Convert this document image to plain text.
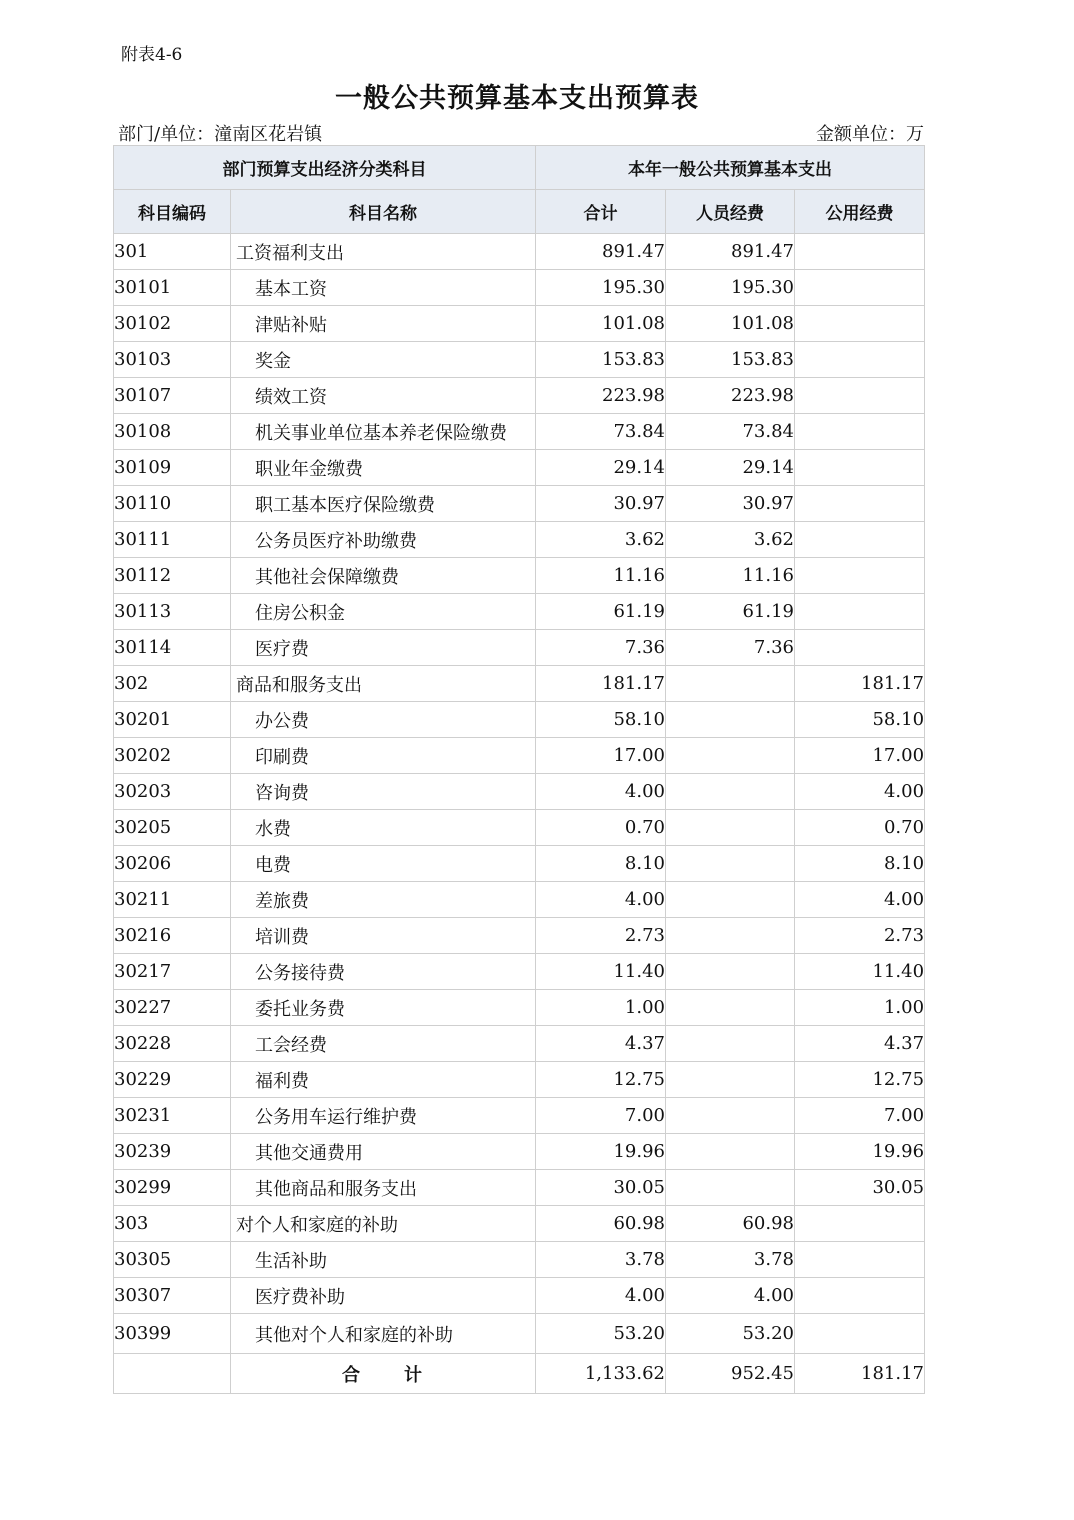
附表4-6
一般公共预算基本支出预算表
部门/单位：潼南区花岩镇	金额单位：万
部门预算支出经济分类科目		本年一般公共预算基本支出		
科目编码	科目名称	合计	人员经费	公用经费
301	工资福利支出	891.47	891.47	
30101	基本工资	195.30	195.30	
30102	津贴补贴	101.08	101.08	
30103	奖金	153.83	153.83	
30107	绩效工资	223.98	223.98	
30108	机关事业单位基本养老保险缴费	73.84	73.84	
30109	职业年金缴费	29.14	29.14	
30110	职工基本医疗保险缴费	30.97	30.97	
30111	公务员医疗补助缴费	3.62	3.62	
30112	其他社会保障缴费	11.16	11.16	
30113	住房公积金	61.19	61.19	
30114	医疗费	7.36	7.36	
302	商品和服务支出	181.17		181.17
30201	办公费	58.10		58.10
30202	印刷费	17.00		17.00
30203	咨询费	4.00		4.00
30205	水费	0.70		0.70
30206	电费	8.10		8.10
30211	差旅费	4.00		4.00
30216	培训费	2.73		2.73
30217	公务接待费	11.40		11.40
30227	委托业务费	1.00		1.00
30228	工会经费	4.37		4.37
30229	福利费	12.75		12.75
30231	公务用车运行维护费	7.00		7.00
30239	其他交通费用	19.96		19.96
30299	其他商品和服务支出	30.05		30.05
303	对个人和家庭的补助	60.98	60.98	
30305	生活补助	3.78	3.78	
30307	医疗费补助	4.00	4.00	
30399	其他对个人和家庭的补助	53.20	53.20	
	合 计	1,133.62	952.45	181.17
